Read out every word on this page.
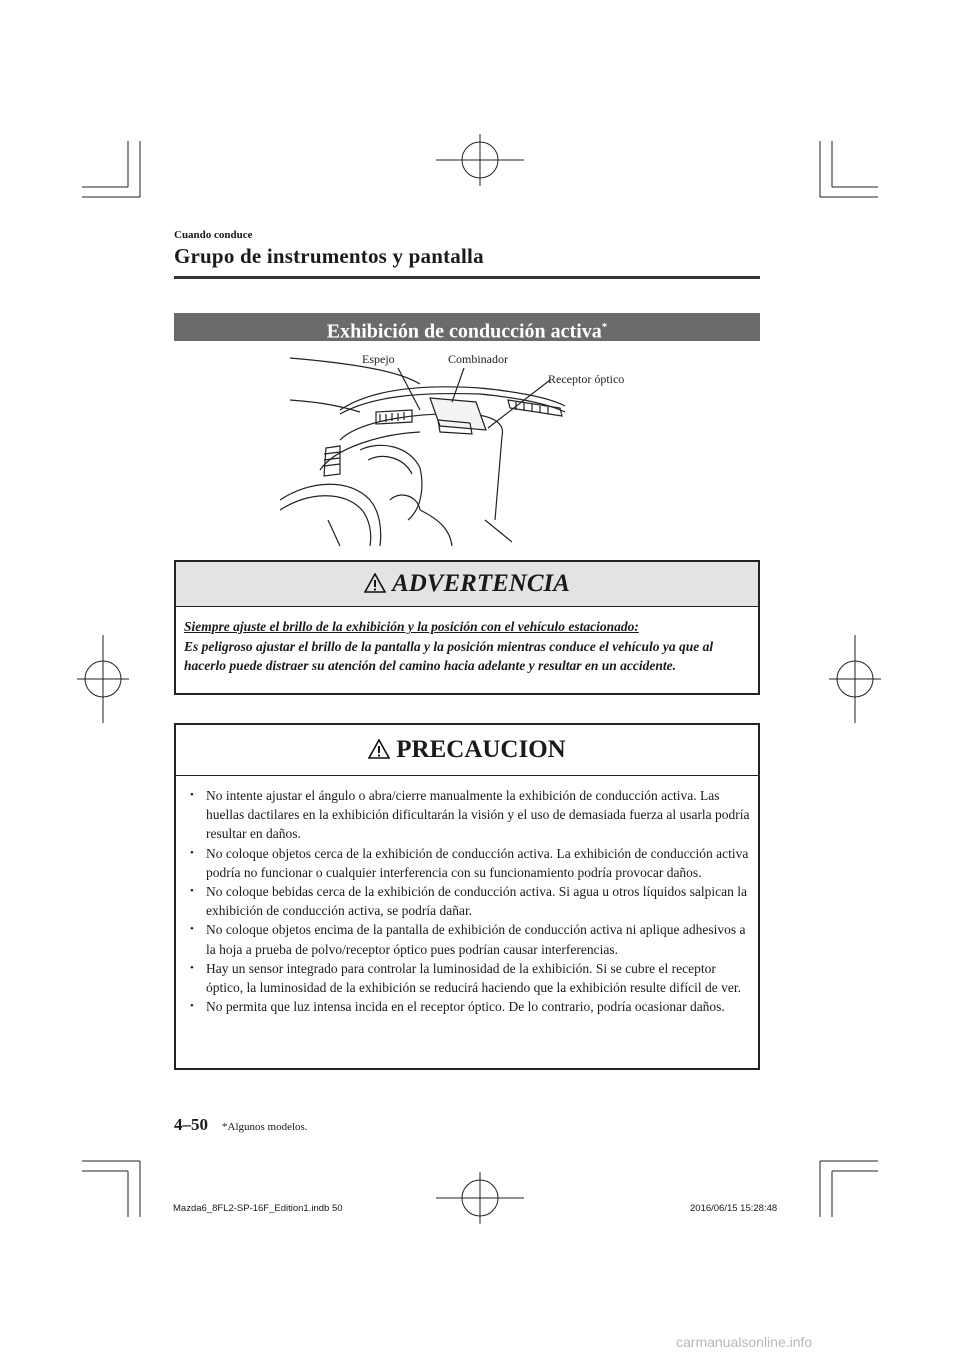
Cuando conduce
Grupo de instrumentos y pantalla
Exhibición de conducción activa*
Espejo	Combinador
Receptor óptico
ADVERTENCIA
Siempre ajuste el brillo de la exhibición y la posición con el vehículo estacionado:
Es peligroso ajustar el brillo de la pantalla y la posición mientras conduce el vehículo ya que al hacerlo puede distraer su atención del camino hacia adelante y resultar en un accidente.
PRECAUCION
• No intente ajustar el ángulo o abra/cierre manualmente la exhibición de conducción activa. Las huellas dactilares en la exhibición dificultarán la visión y el uso de demasiada fuerza al usarla podría resultar en daños.
• No coloque objetos cerca de la exhibición de conducción activa. La exhibición de conducción activa podría no funcionar o cualquier interferencia con su funcionamiento podría provocar daños.
• No coloque bebidas cerca de la exhibición de conducción activa. Si agua u otros líquidos salpican la exhibición de conducción activa, se podría dañar.
• No coloque objetos encima de la pantalla de exhibición de conducción activa ni aplique adhesivos a la hoja a prueba de polvo/receptor óptico pues podrían causar interferencias.
• Hay un sensor integrado para controlar la luminosidad de la exhibición. Si se cubre el receptor óptico, la luminosidad de la exhibición se reducirá haciendo que la exhibición resulte difícil de ver.
• No permita que luz intensa incida en el receptor óptico. De lo contrario, podría ocasionar daños.
4–50 *Algunos modelos.
Mazda6_8FL2-SP-16F_Edition1.indb 50	2016/06/15 15:28:48
carmanualsonline.info
